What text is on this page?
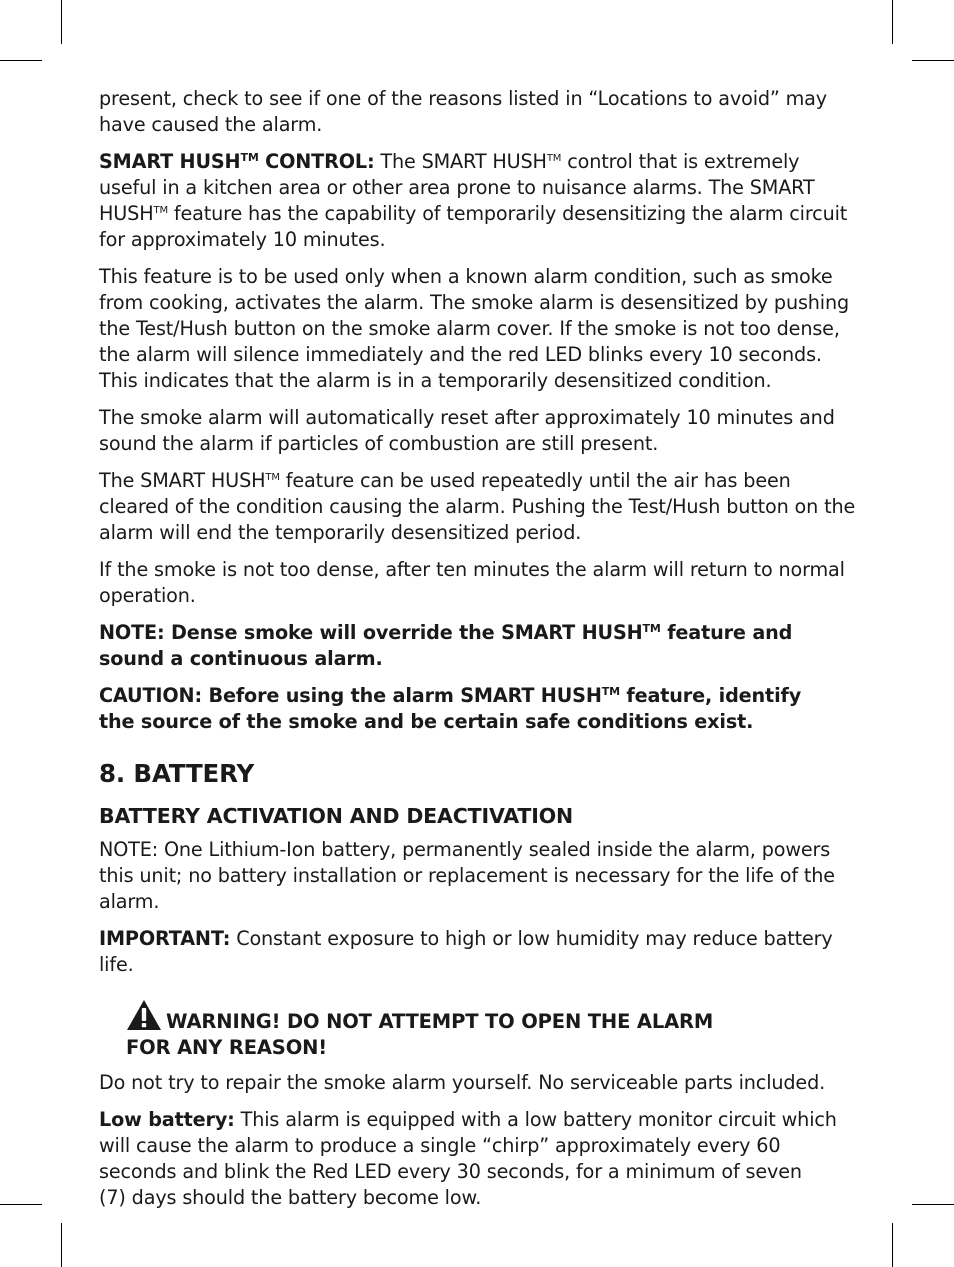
present, check to see if one of the reasons listed in “Locations to avoid” may have caused the alarm.

SMART HUSH™ CONTROL: The SMART HUSH™ control that is extremely useful in a kitchen area or other area prone to nuisance alarms. The SMART HUSH™ feature has the capability of temporarily desensitizing the alarm circuit for approximately 10 minutes.

This feature is to be used only when a known alarm condition, such as smoke from cooking, activates the alarm. The smoke alarm is desensitized by pushing the Test/Hush button on the smoke alarm cover. If the smoke is not too dense, the alarm will silence immediately and the red LED blinks every 10 seconds. This indicates that the alarm is in a temporarily desensitized condition.

The smoke alarm will automatically reset after approximately 10 minutes and sound the alarm if particles of combustion are still present.

The SMART HUSH™ feature can be used repeatedly until the air has been cleared of the condition causing the alarm. Pushing the Test/Hush button on the alarm will end the temporarily desensitized period.

If the smoke is not too dense, after ten minutes the alarm will return to normal operation.

NOTE: Dense smoke will override the SMART HUSH™ feature and
sound a continuous alarm.

CAUTION: Before using the alarm SMART HUSH™ feature, identify
the source of the smoke and be certain safe conditions exist.

8. BATTERY
BATTERY ACTIVATION AND DEACTIVATION

NOTE: One Lithium-Ion battery, permanently sealed inside the alarm, powers this unit; no battery installation or replacement is necessary for the life of the alarm.

IMPORTANT: Constant exposure to high or low humidity may reduce battery life.

WARNING! DO NOT ATTEMPT TO OPEN THE ALARM
FOR ANY REASON!

Do not try to repair the smoke alarm yourself. No serviceable parts included.

Low battery: This alarm is equipped with a low battery monitor circuit which
will cause the alarm to produce a single “chirp” approximately every 60
seconds and blink the Red LED every 30 seconds, for a minimum of seven
(7) days should the battery become low.
